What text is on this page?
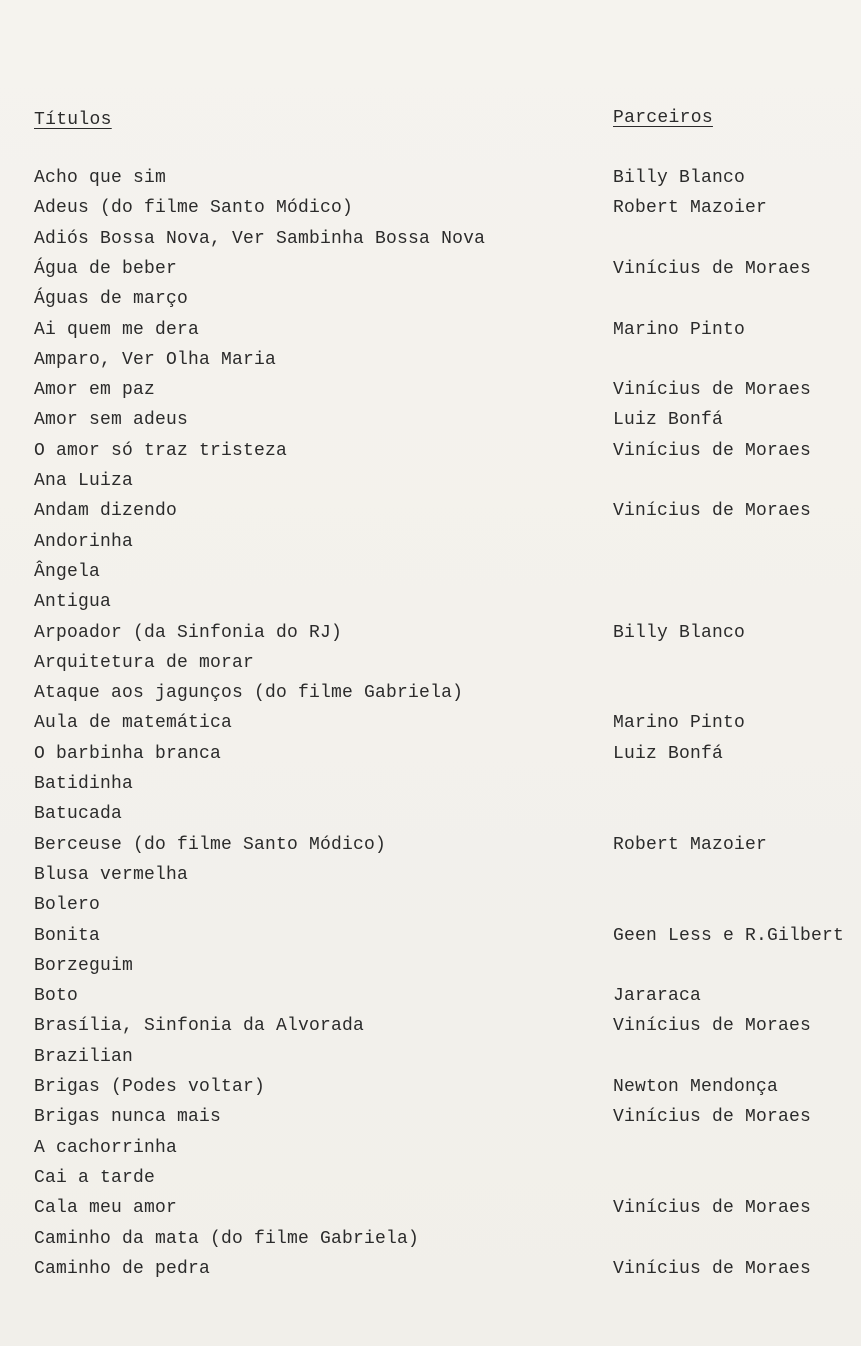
Títulos	Parceiros
Acho que sim	Billy Blanco
Adeus (do filme Santo Módico)	Robert Mazoier
Adiós Bossa Nova, Ver Sambinha Bossa Nova
Água de beber	Vinícius de Moraes
Águas de março
Ai quem me dera	Marino Pinto
Amparo, Ver Olha Maria
Amor em paz	Vinícius de Moraes
Amor sem adeus	Luiz Bonfá
O amor só traz tristeza	Vinícius de Moraes
Ana Luiza
Andam dizendo	Vinícius de Moraes
Andorinha
Ângela
Antigua
Arpoador (da Sinfonia do RJ)	Billy Blanco
Arquitetura de morar
Ataque aos jagunços (do filme Gabriela)
Aula de matemática	Marino Pinto
O barbinha branca	Luiz Bonfá
Batidinha
Batucada
Berceuse (do filme Santo Módico)	Robert Mazoier
Blusa vermelha
Bolero
Bonita	Geen Less e R.Gilbert
Borzeguim
Boto	Jararaca
Brasília, Sinfonia da Alvorada	Vinícius de Moraes
Brazilian
Brigas (Podes voltar)	Newton Mendonça
Brigas nunca mais	Vinícius de Moraes
A cachorrinha
Cai a tarde
Cala meu amor	Vinícius de Moraes
Caminho da mata (do filme Gabriela)
Caminho de pedra	Vinícius de Moraes
